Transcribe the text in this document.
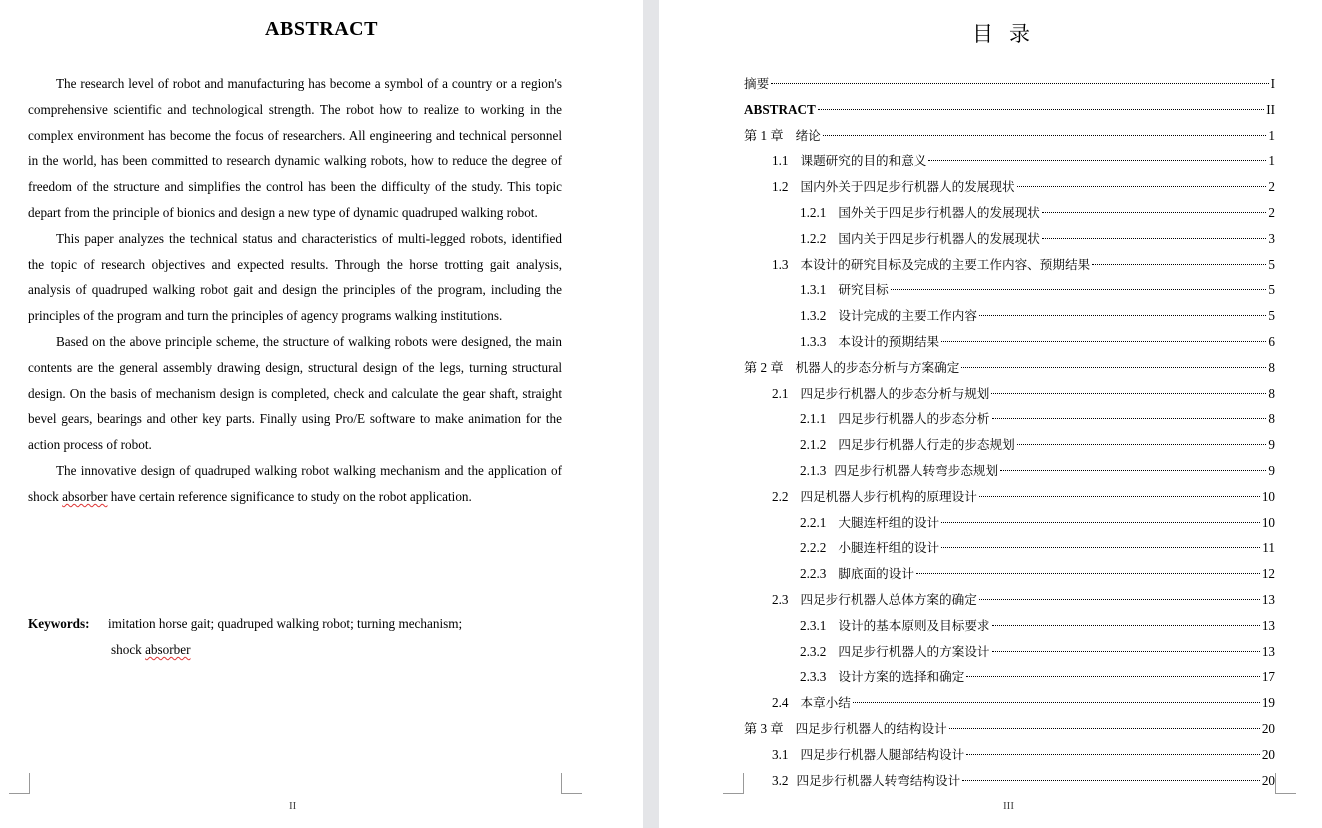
ABSTRACT

The research level of robot and manufacturing has become a symbol of a country or a region's comprehensive scientific and technological strength. The robot how to realize to working in the complex environment has become the focus of researchers. All engineering and technical personnel in the world, has been committed to research dynamic walking robots, how to reduce the degree of freedom of the structure and simplifies the control has been the difficulty of the study. This topic depart from the principle of bionics and design a new type of dynamic quadruped walking robot.

This paper analyzes the technical status and characteristics of multi-legged robots, identified the topic of research objectives and expected results. Through the horse trotting gait analysis, analysis of quadruped walking robot gait and design the principles of the program, including the principles of the program and turn the principles of agency programs walking institutions.

Based on the above principle scheme, the structure of walking robots were designed, the main contents are the general assembly drawing design, structural design of the legs, turning structural design. On the basis of mechanism design is completed, check and calculate the gear shaft, straight bevel gears, bearings and other key parts. Finally using Pro/E software to make animation for the action process of robot.

The innovative design of quadruped walking robot walking mechanism and the application of shock absorber have certain reference significance to study on the robot application.

Keywords: imitation horse gait; quadruped walking robot; turning mechanism;
shock absorber
II
目录
摘要	I
ABSTRACT	II
第 1 章 绪论	1
1.1 课题研究的目的和意义	1
1.2 国内外关于四足步行机器人的发展现状	2
1.2.1 国外关于四足步行机器人的发展现状	2
1.2.2 国内关于四足步行机器人的发展现状	3
1.3 本设计的研究目标及完成的主要工作内容、预期结果	5
1.3.1 研究目标	5
1.3.2 设计完成的主要工作内容	5
1.3.3 本设计的预期结果	6
第 2 章 机器人的步态分析与方案确定	8
2.1 四足步行机器人的步态分析与规划	8
2.1.1 四足步行机器人的步态分析	8
2.1.2 四足步行机器人行走的步态规划	9
2.1.3 四足步行机器人转弯步态规划	9
2.2 四足机器人步行机构的原理设计	10
2.2.1 大腿连杆组的设计	10
2.2.2 小腿连杆组的设计	11
2.2.3 脚底面的设计	12
2.3 四足步行机器人总体方案的确定	13
2.3.1 设计的基本原则及目标要求	13
2.3.2 四足步行机器人的方案设计	13
2.3.3 设计方案的选择和确定	17
2.4 本章小结	19
第 3 章 四足步行机器人的结构设计	20
3.1 四足步行机器人腿部结构设计	20
3.2 四足步行机器人转弯结构设计	20
III
